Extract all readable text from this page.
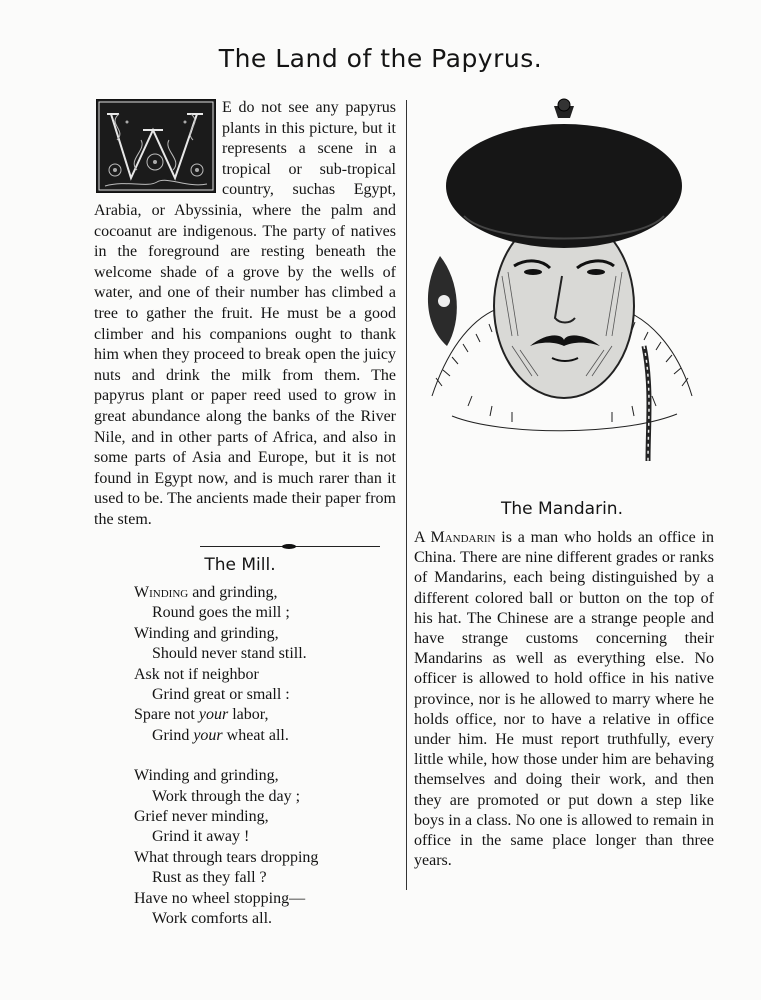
The Land of the Papyrus.

E do not see any papyrus plants in this picture, but it represents a scene in a tropical or sub-tropical country, suchas Egypt, Arabia, or Abyssinia, where the palm and cocoanut are indigenous. The party of natives in the foreground are resting beneath the welcome shade of a grove by the wells of water, and one of their number has climbed a tree to gather the fruit. He must be a good climber and his companions ought to thank him when they proceed to break open the juicy nuts and drink the milk from them. The papyrus plant or paper reed used to grow in great abundance along the banks of the River Nile, and in other parts of Africa, and also in some parts of Asia and Europe, but it is not found in Egypt now, and is much rarer than it used to be. The ancients made their paper from the stem.

The Mill.
Winding and grinding,
Round goes the mill ;
Winding and grinding,
Should never stand still.
Ask not if neighbor
Grind great or small :
Spare not your labor,
Grind your wheat all.
Winding and grinding,
Work through the day ;
Grief never minding,
Grind it away !
What through tears dropping
Rust as they fall ?
Have no wheel stopping—
Work comforts all.
The Mandarin.

A Mandarin is a man who holds an office in China. There are nine different grades or ranks of Mandarins, each being distinguished by a different colored ball or button on the top of his hat. The Chinese are a strange people and have strange customs concerning their Mandarins as well as everything else. No officer is allowed to hold office in his native province, nor is he allowed to marry where he holds office, nor to have a relative in office under him. He must report truthfully, every little while, how those under him are behaving themselves and doing their work, and then they are promoted or put down a step like boys in a class. No one is allowed to remain in office in the same place longer than three years.
